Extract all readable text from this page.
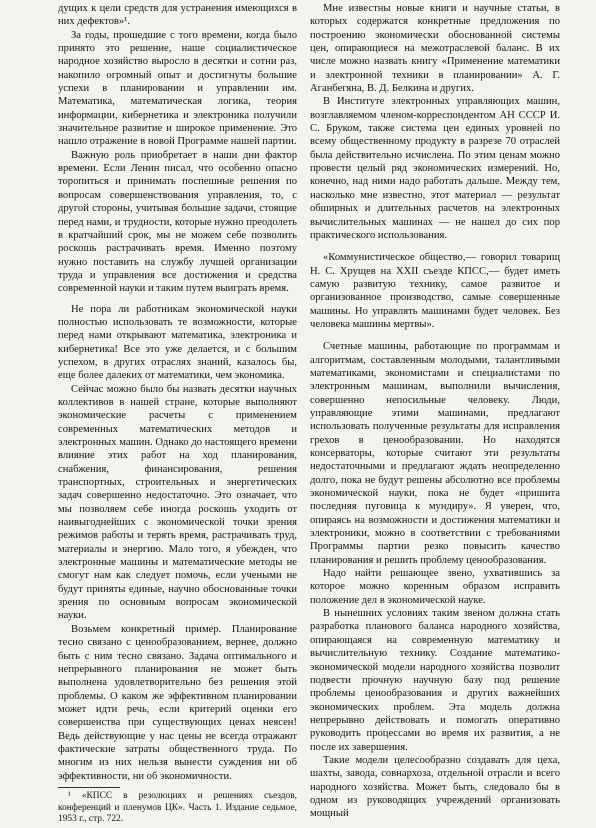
дущих к цели средств для устранения имеющихся в них дефектов»¹.

За годы, прошедшие с того времени, когда было принято это решение, наше социалистическое народное хозяйство выросло в десятки и сотни раз, накопило огромный опыт и достигнуты большие успехи в планировании и управлении им. Математика, математическая логика, теория информации, кибернетика и электроника получили значительное развитие и широкое применение. Это нашло отражение в новой Программе нашей партии.

Важную роль приобретает в наши дни фактор времени. Если Ленин писал, что особенно опасно торопиться и принимать поспешные решения по вопросам совершенствования управления, то, с другой стороны, учитывая большие задачи, стоящие перед нами, и трудности, которые нужно преодолеть в кратчайший срок, мы не можем себе позволить роскошь растрачивать время. Именно поэтому нужно поставить на службу лучшей организации труда и управления все достижения и средства современной науки и таким путем выиграть время.

Не пора ли работникам экономической науки полностью использовать те возможности, которые перед нами открывают математика, электроника и кибернетика! Все это уже делается, и с большим успехом, в других отраслях знаний, казалось бы, еще более далеких от математики, чем экономика.

Сейчас можно было бы назвать десятки научных коллективов в нашей стране, которые выполняют экономические расчеты с применением современных математических методов и электронных машин. Однако до настоящего времени влияние этих работ на ход планирования, снабжения, финансирования, решения транспортных, строительных и энергетических задач совершенно недостаточно. Это означает, что мы позволяем себе иногда роскошь уходить от наивыгоднейших с экономической точки зрения режимов работы и терять время, растрачивать труд, материалы и энергию. Мало того, я убежден, что электронные машины и математические методы не смогут нам как следует помочь, если учеными не будут приняты единые, научно обоснованные точки зрения по основным вопросам экономической науки.

Возьмем конкретный пример. Планирование тесно связано с ценообразованием, вернее, должно быть с ним тесно связано. Задача оптимального и непрерывного планирования не может быть выполнена удовлетворительно без решения этой проблемы. О каком же эффективном планировании может идти речь, если критерий оценки его совершенства при существующих ценах неясен! Ведь действующие у нас цены не всегда отражают фактические затраты общественного труда. По многим из них нельзя вынести суждения ни об эффективности, ни об экономичности.

Мне известны новые книги и научные статьи, в которых содержатся конкретные предложения по построению экономически обоснованной системы цен, опирающиеся на межотраслевой баланс. В их числе можно назвать книгу «Применение математики и электронной техники в планировании» А. Г. Аганбегяна, В. Д. Белкина и других.

В Институте электронных управляющих машин, возглавляемом членом-корреспондентом АН СССР И. С. Бруком, также система цен единых уровней по всему общественному продукту в разрезе 70 отраслей была действительно исчислена. По этим ценам можно провести целый ряд экономических измерений. Но, конечно, над ними надо работать дальше. Между тем, насколько мне известно, этот материал — результат обширных и длительных расчетов на электронных вычислительных машинах — не нашел до сих пор практического использования.

«Коммунистическое общество,— говорил товарищ Н. С. Хрущев на XXII съезде КПСС,— будет иметь самую развитую технику, самое развитое и организованное производство, самые совершенные машины. Но управлять машинами будет человек. Без человека машины мертвы».

Счетные машины, работающие по программам и алгоритмам, составленным молодыми, талантливыми математиками, экономистами и специалистами по электронным машинам, выполнили вычисления, совершенно непосильные человеку. Люди, управляющие этими машинами, предлагают использовать полученные результаты для исправления грехов в ценообразовании. Но находятся консерваторы, которые считают эти результаты недостаточными и предлагают ждать неопределенно долго, пока не будут решены абсолютно все проблемы экономической науки, пока не будет «пришита последняя пуговица к мундиру». Я уверен, что, опираясь на возможности и достижения математики и электроники, можно в соответствии с требованиями Программы партии резко повысить качество планирования и решить проблему ценообразования.

Надо найти решающее звено, ухватившись за которое можно коренным образом исправить положение дел в экономической науке.

В нынешних условиях таким звеном должна стать разработка планового баланса народного хозяйства, опирающаяся на современную математику и вычислительную технику. Создание математико-экономической модели народного хозяйства позволит подвести прочную научную базу под решение проблемы ценообразования и других важнейших экономических проблем. Эта модель должна непрерывно действовать и помогать оперативно руководить процессами во время их развития, а не после их завершения.

Такие модели целесообразно создавать для цеха, шахты, завода, совнархоза, отдельной отрасли и всего народного хозяйства. Может быть, следовало бы в одном из руководящих учреждений организовать мощный

¹ «КПСС в резолюциях и решениях съездов, конференций и пленумов ЦК». Часть 1. Издание седьмое, 1953 г., стр. 722.
